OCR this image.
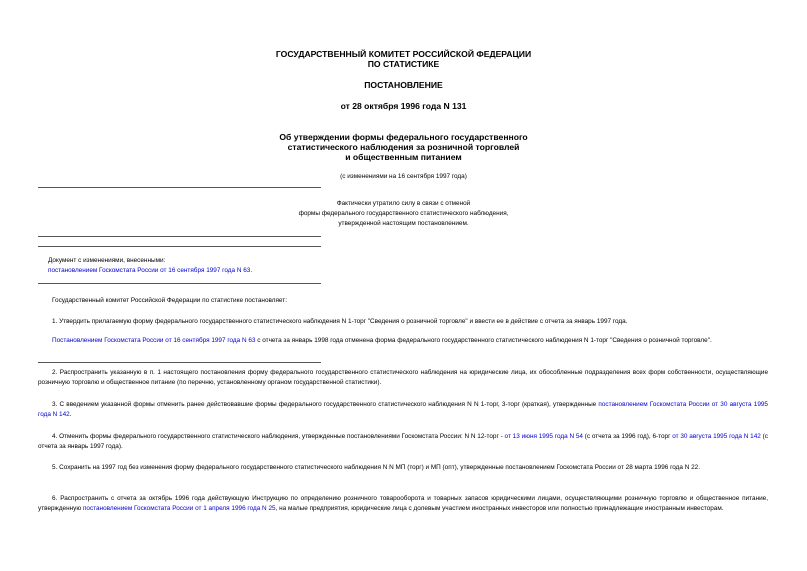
ГОСУДАРСТВЕННЫЙ КОМИТЕТ РОССИЙСКОЙ ФЕДЕРАЦИИ
ПО СТАТИСТИКЕ
ПОСТАНОВЛЕНИЕ
от 28 октября 1996 года N 131
Об утверждении формы федерального государственного
статистического наблюдения за розничной торговлей
и общественным питанием
(с изменениями на 16 сентября 1997 года)
Фактически утратило силу в связи с отменой
формы федерального государственного статистического наблюдения,
утвержденной настоящим постановлением.
Документ с изменениями, внесенными:
постановлением Госкомстата России от 16 сентября 1997 года N 63.
Государственный комитет Российской Федерации по статистике постановляет:
1. Утвердить прилагаемую форму федерального государственного статистического наблюдения N 1-торг "Сведения о розничной торговле" и ввести ее в действие с отчета за январь 1997 года.
Постановлением Госкомстата России от 16 сентября 1997 года N 63 с отчета за январь 1998 года отменена форма федерального государственного статистического наблюдения N 1-торг "Сведения о розничной торговле".
2. Распространить указанную в п. 1 настоящего постановления форму федерального государственного статистического наблюдения на юридические лица, их обособленные подразделения всех форм собственности, осуществляющие розничную торговлю и общественное питание (по перечню, установленному органом государственной статистики).
3. С введением указанной формы отменить ранее действовавшие формы федерального государственного статистического наблюдения N N 1-торг, 3-торг (краткая), утвержденные постановлением Госкомстата России от 30 августа 1995 года N 142.
4. Отменить формы федерального государственного статистического наблюдения, утвержденные постановлениями Госкомстата России: N N 12-торг - от 13 июня 1995 года N 54 (с отчета за 1996 год), 6-торг от 30 августа 1995 года N 142 (с отчета за январь 1997 года).
5. Сохранить на 1997 год без изменения форму федерального государственного статистического наблюдения N N МП (торг) и МП (опт), утвержденные постановлением Госкомстата России от 28 марта 1996 года N 22.
6. Распространить с отчета за октябрь 1996 года действующую Инструкцию по определению розничного товарооборота и товарных запасов юридическими лицами, осуществляющими розничную торговлю и общественное питание, утвержденную постановлением Госкомстата России от 1 апреля 1996 года N 25, на малые предприятия, юридические лица с долевым участием иностранных инвесторов или полностью принадлежащие иностранным инвесторам.
